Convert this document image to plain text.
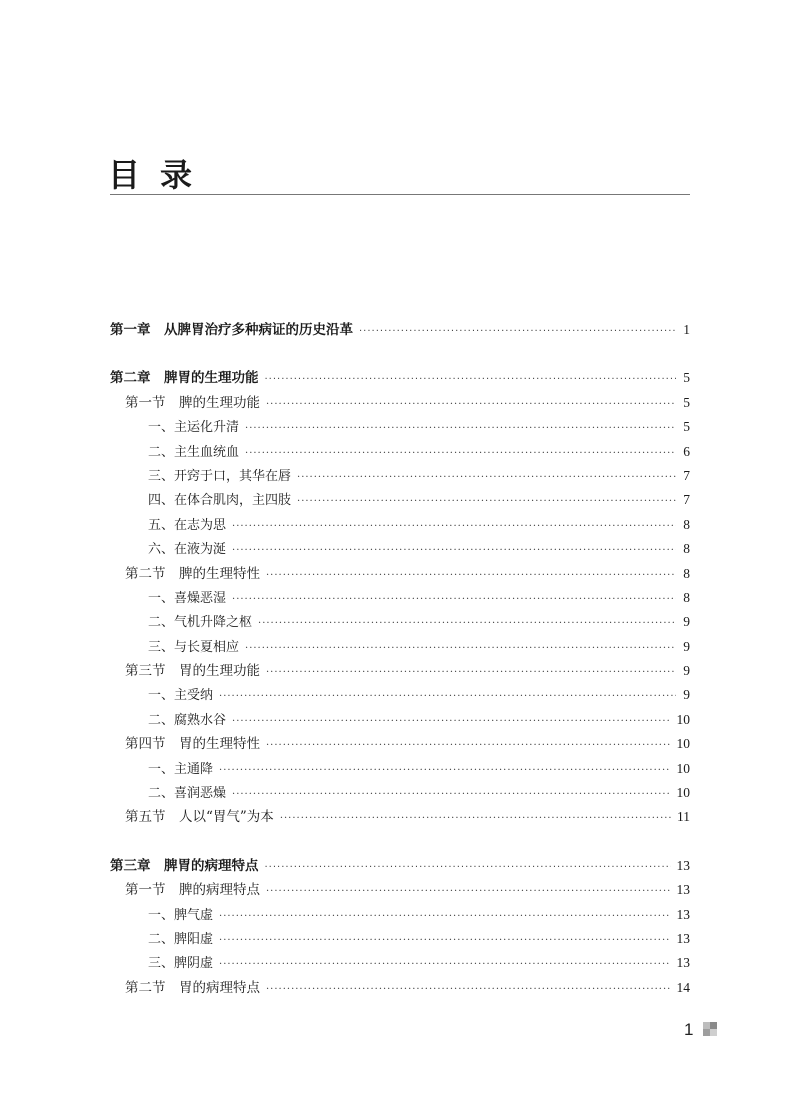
目录
第一章　从脾胃治疗多种病证的历史沿革 ·····	1
第二章　脾胃的生理功能 ·····	5
第一节　脾的生理功能 ·····	5
一、主运化升清 ·····	5
二、主生血统血 ·····	6
三、开窍于口，其华在唇 ·····	7
四、在体合肌肉，主四肢 ·····	7
五、在志为思 ·····	8
六、在液为涎 ·····	8
第二节　脾的生理特性 ·····	8
一、喜燥恶湿 ·····	8
二、气机升降之枢 ·····	9
三、与长夏相应 ·····	9
第三节　胃的生理功能 ·····	9
一、主受纳 ·····	9
二、腐熟水谷 ·····	10
第四节　胃的生理特性 ·····	10
一、主通降 ·····	10
二、喜润恶燥 ·····	10
第五节　人以“胃气”为本 ·····	11
第三章　脾胃的病理特点 ·····	13
第一节　脾的病理特点 ·····	13
一、脾气虚 ·····	13
二、脾阳虚 ·····	13
三、脾阴虚 ·····	13
第二节　胃的病理特点 ·····	14
1
